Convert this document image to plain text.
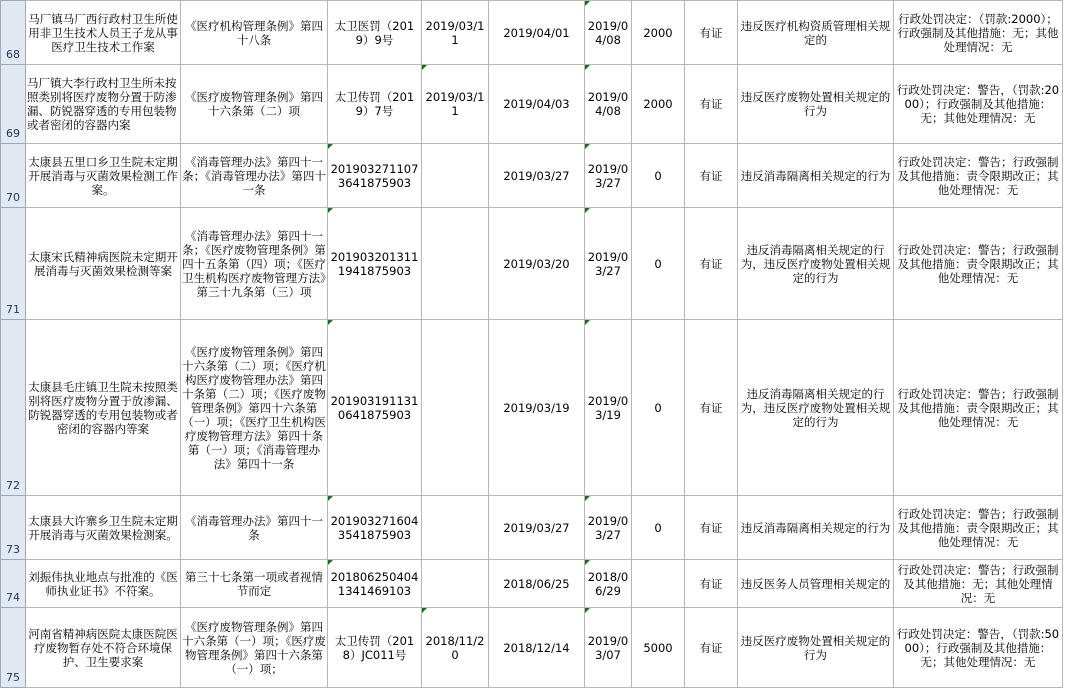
68	马厂镇马厂西行政村卫生所使用非卫生技术人员王子龙从事医疗卫生技术工作案	《医疗机构管理条例》第四十八条	太卫医罚（2019）9号	2019/03/11	2019/04/01	2019/04/08	2000	有证	违反医疗机构资质管理相关规定的	行政处罚决定：（罚款:2000）；行政强制及其他措施：无；其他处理情况：无
69	马厂镇大李行政村卫生所未按照类别将医疗废物分置于防渗漏、防锐器穿透的专用包装物或者密闭的容器内案	《医疗废物管理条例》第四十六条第（二）项	太卫传罚（2019）7号	2019/03/11	2019/04/03	2019/04/08	2000	有证	违反医疗废物处置相关规定的行为	行政处罚决定：警告，（罚款:2000）；行政强制及其他措施：无；其他处理情况：无
70	太康县五里口乡卫生院未定期开展消毒与灭菌效果检测工作案。	《消毒管理办法》第四十一条；《消毒管理办法》第四十一条	2019032711073641875903		2019/03/27	2019/03/27	0	有证	违反消毒隔离相关规定的行为	行政处罚决定：警告；行政强制及其他措施：责令限期改正；其他处理情况：无
71	太康宋氏精神病医院未定期开展消毒与灭菌效果检测等案	《消毒管理办法》第四十一条；《医疗废物管理条例》第四十五条第（四）项；《医疗卫生机构医疗废物管理方法》第三十九条第（三）项	2019032013111941875903		2019/03/20	2019/03/27	0	有证	违反消毒隔离相关规定的行为，违反医疗废物处置相关规定的行为	行政处罚决定：警告；行政强制及其他措施：责令限期改正；其他处理情况：无
72	太康县毛庄镇卫生院未按照类别将医疗废物分置于放渗漏、防锐器穿透的专用包装物或者密闭的容器内等案	《医疗废物管理条例》第四十六条第（二）项；《医疗机构医疗废物管理办法》第四十条第（二）项；《医疗废物管理条例》第四十六条第（一）项；《医疗卫生机构医疗废物管理方法》第四十条第（一）项；《消毒管理办法》第四十一条	2019031911310641875903		2019/03/19	2019/03/19	0	有证	违反消毒隔离相关规定的行为，违反医疗废物处置相关规定的行为	行政处罚决定：警告；行政强制及其他措施：责令限期改正；其他处理情况：无
73	太康县大许寨乡卫生院未定期开展消毒与灭菌效果检测案。	《消毒管理办法》第四十一条	2019032716043541875903		2019/03/27	2019/03/27	0	有证	违反消毒隔离相关规定的行为	行政处罚决定：警告；行政强制及其他措施：责令限期改正；其他处理情况：无
74	刘振伟执业地点与批准的《医师执业证书》不符案。	第三十七条第一项或者视情节而定	2018062504041341469103		2018/06/25	2018/06/29		有证	违反医务人员管理相关规定的	行政处罚决定：警告；行政强制及其他措施：无；其他处理情况：无
75	河南省精神病医院太康医院医疗废物暂存处不符合环境保护、卫生要求案	《医疗废物管理条例》第四十六条第（一）项；《医疗废物管理条例》第四十六条第（一）项；	太卫传罚（2018）JC011号	2018/11/20	2018/12/14	2019/03/07	5000	有证	违反医疗废物处置相关规定的行为	行政处罚决定：警告，（罚款:5000）；行政强制及其他措施：无；其他处理情况：无
